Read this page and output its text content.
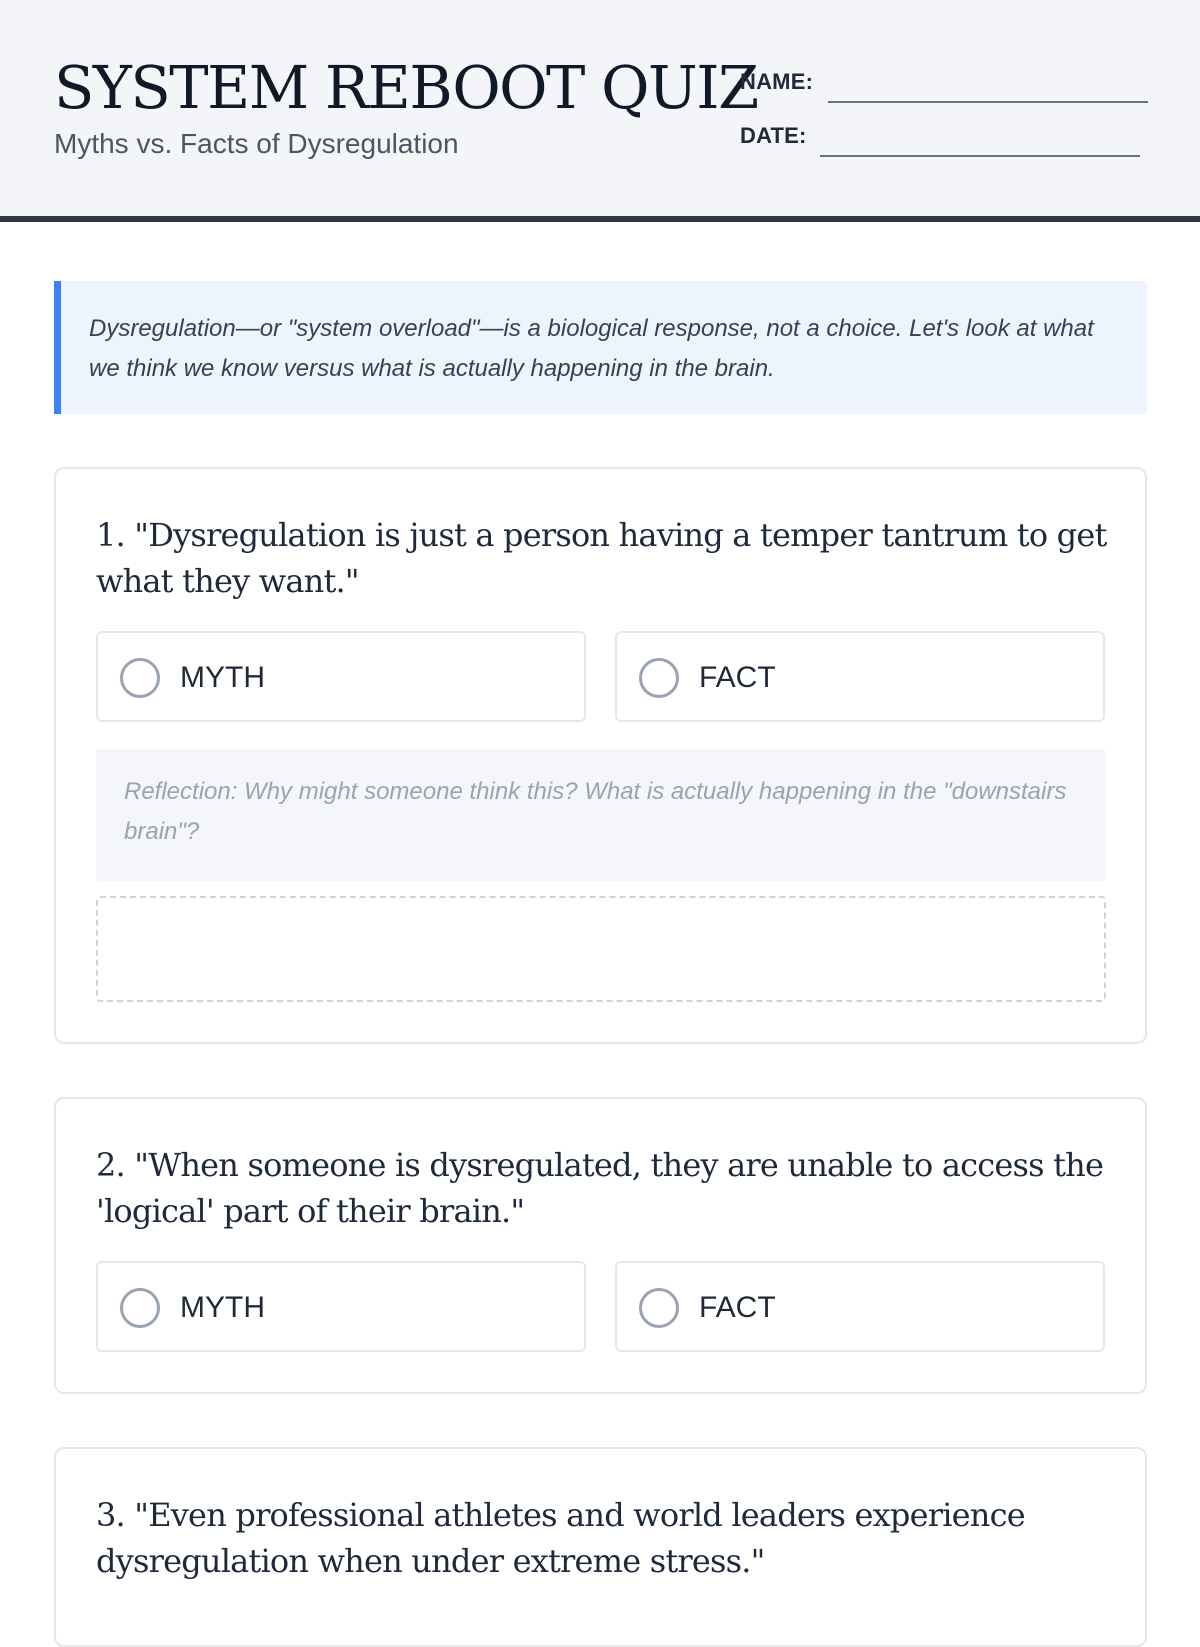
SYSTEM REBOOT QUIZ
Myths vs. Facts of Dysregulation
NAME:
DATE:
Dysregulation—or "system overload"—is a biological response, not a choice. Let's look at what we think we know versus what is actually happening in the brain.
1. "Dysregulation is just a person having a temper tantrum to get what they want."
MYTH	FACT
Reflection: Why might someone think this? What is actually happening in the "downstairs brain"?
2. "When someone is dysregulated, they are unable to access the 'logical' part of their brain."
MYTH	FACT
3. "Even professional athletes and world leaders experience dysregulation when under extreme stress."
